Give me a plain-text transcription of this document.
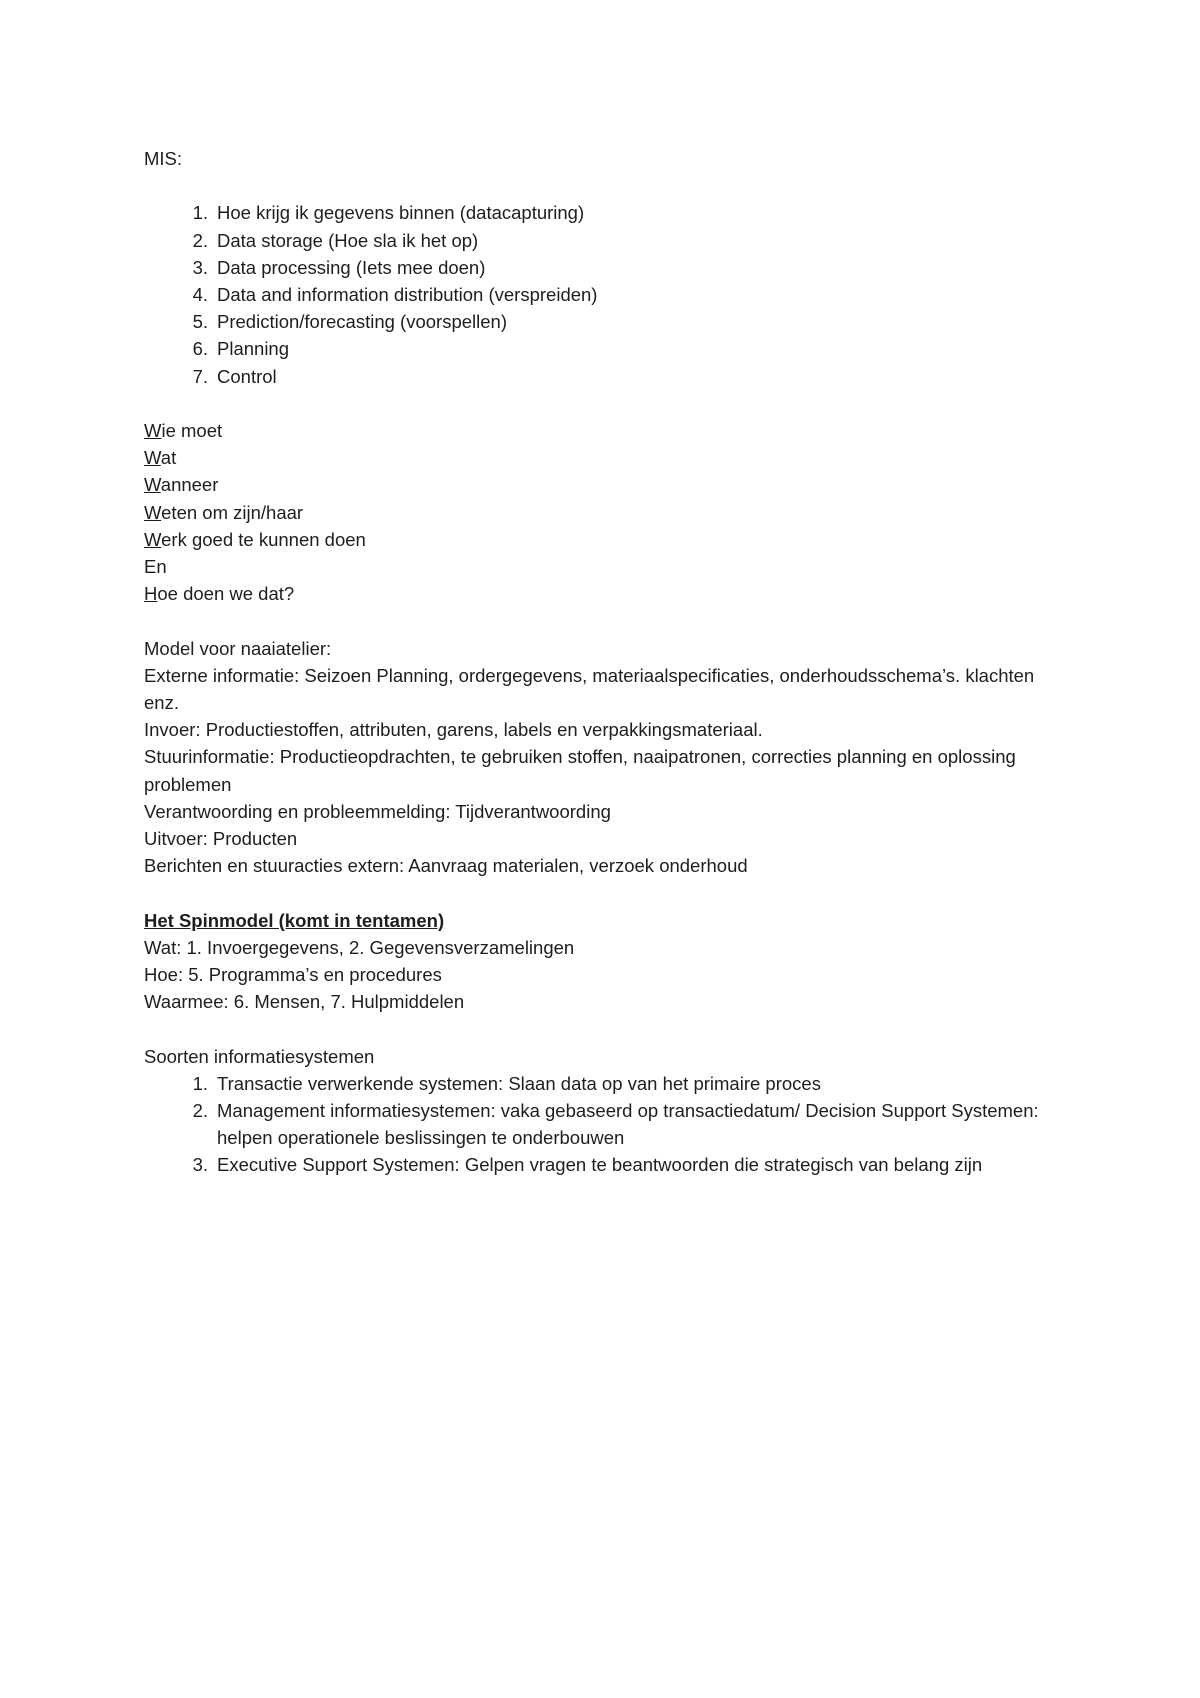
MIS:
1. Hoe krijg ik gegevens binnen (datacapturing)
2. Data storage (Hoe sla ik het op)
3. Data processing (Iets mee doen)
4. Data and information distribution (verspreiden)
5. Prediction/forecasting (voorspellen)
6. Planning
7. Control
Wie moet
Wat
Wanneer
Weten om zijn/haar
Werk goed te kunnen doen
En
Hoe doen we dat?
Model voor naaiatelier:
Externe informatie: Seizoen Planning, ordergegevens, materiaalspecificaties, onderhoudsschema’s. klachten enz.
Invoer: Productiestoffen, attributen, garens, labels en verpakkingsmateriaal.
Stuurinformatie: Productieopdrachten, te gebruiken stoffen, naaipatronen, correcties planning en oplossing problemen
Verantwoording en probleemmelding: Tijdverantwoording
Uitvoer: Producten
Berichten en stuuracties extern: Aanvraag materialen, verzoek onderhoud
Het Spinmodel (komt in tentamen)
Wat: 1. Invoergegevens, 2. Gegevensverzamelingen
Hoe: 5. Programma’s en procedures
Waarmee: 6. Mensen, 7. Hulpmiddelen
Soorten informatiesystemen
1. Transactie verwerkende systemen: Slaan data op van het primaire proces
2. Management informatiesystemen: vaka gebaseerd op transactiedatum/ Decision Support Systemen: helpen operationele beslissingen te onderbouwen
3. Executive Support Systemen: Gelpen vragen te beantwoorden die strategisch van belang zijn
